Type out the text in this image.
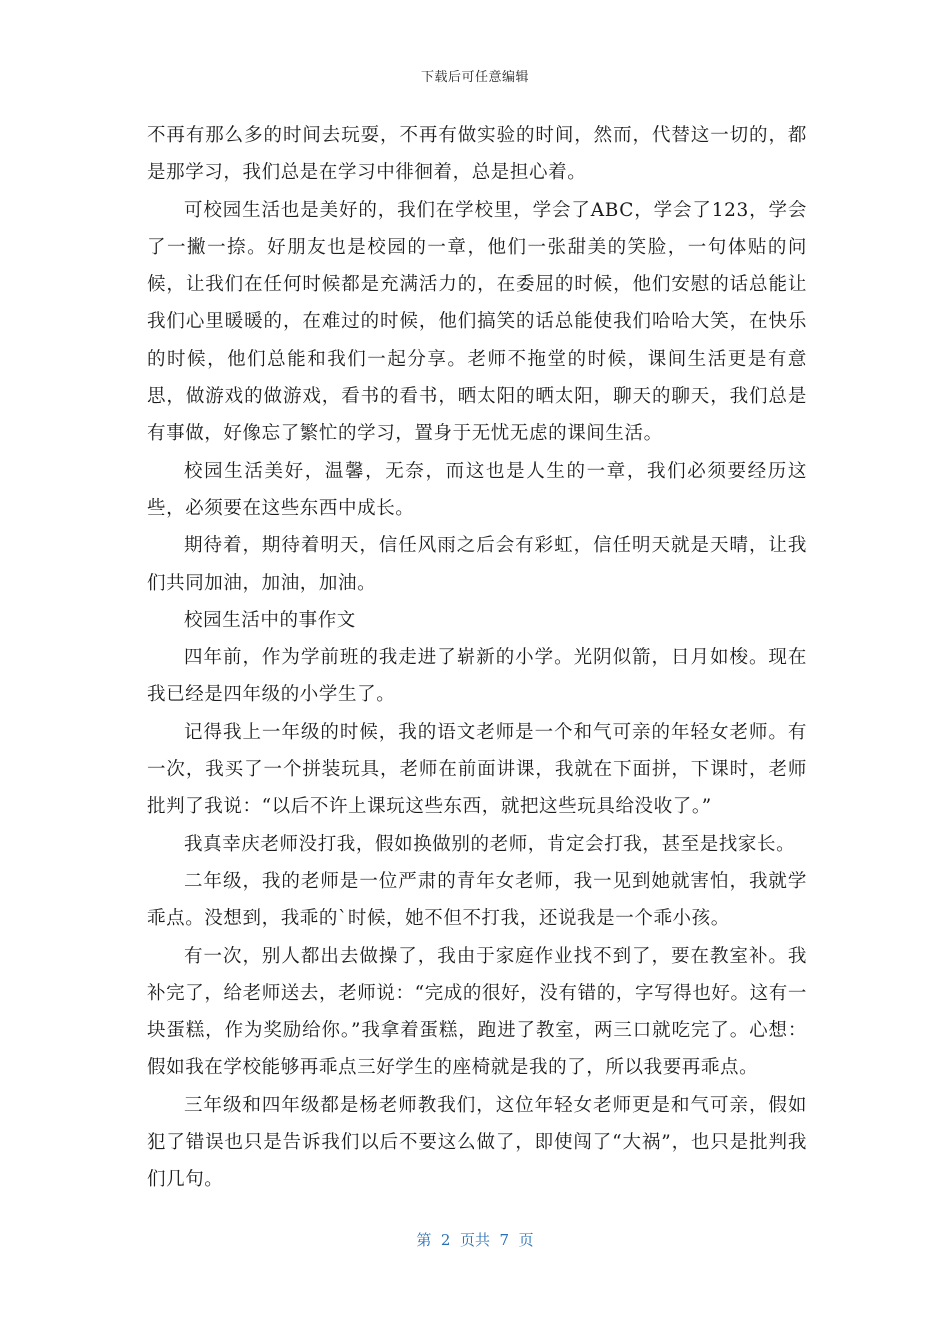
下载后可任意编辑

不再有那么多的时间去玩耍，不再有做实验的时间，然而，代替这一切的，都是那学习，我们总是在学习中徘徊着，总是担心着。

可校园生活也是美好的，我们在学校里，学会了ABC，学会了123，学会了一撇一捺。好朋友也是校园的一章，他们一张甜美的笑脸，一句体贴的问候，让我们在任何时候都是充满活力的，在委屈的时候，他们安慰的话总能让我们心里暖暖的，在难过的时候，他们搞笑的话总能使我们哈哈大笑，在快乐的时候，他们总能和我们一起分享。老师不拖堂的时候，课间生活更是有意思，做游戏的做游戏，看书的看书，晒太阳的晒太阳，聊天的聊天，我们总是有事做，好像忘了繁忙的学习，置身于无忧无虑的课间生活。

校园生活美好，温馨，无奈，而这也是人生的一章，我们必须要经历这些，必须要在这些东西中成长。

期待着，期待着明天，信任风雨之后会有彩虹，信任明天就是天晴，让我们共同加油，加油，加油。

校园生活中的事作文

四年前，作为学前班的我走进了崭新的小学。光阴似箭，日月如梭。现在我已经是四年级的小学生了。

记得我上一年级的时候，我的语文老师是一个和气可亲的年轻女老师。有一次，我买了一个拼装玩具，老师在前面讲课，我就在下面拼，下课时，老师批判了我说：“以后不许上课玩这些东西，就把这些玩具给没收了。”

我真幸庆老师没打我，假如换做别的老师，肯定会打我，甚至是找家长。

二年级，我的老师是一位严肃的青年女老师，我一见到她就害怕，我就学乖点。没想到，我乖的`时候，她不但不打我，还说我是一个乖小孩。

有一次，别人都出去做操了，我由于家庭作业找不到了，要在教室补。我补完了，给老师送去，老师说：“完成的很好，没有错的，字写得也好。这有一块蛋糕，作为奖励给你。”我拿着蛋糕，跑进了教室，两三口就吃完了。心想：假如我在学校能够再乖点三好学生的座椅就是我的了，所以我要再乖点。

三年级和四年级都是杨老师教我们，这位年轻女老师更是和气可亲，假如犯了错误也只是告诉我们以后不要这么做了，即使闯了“大祸”，也只是批判我们几句。

第  2  页共  7  页
